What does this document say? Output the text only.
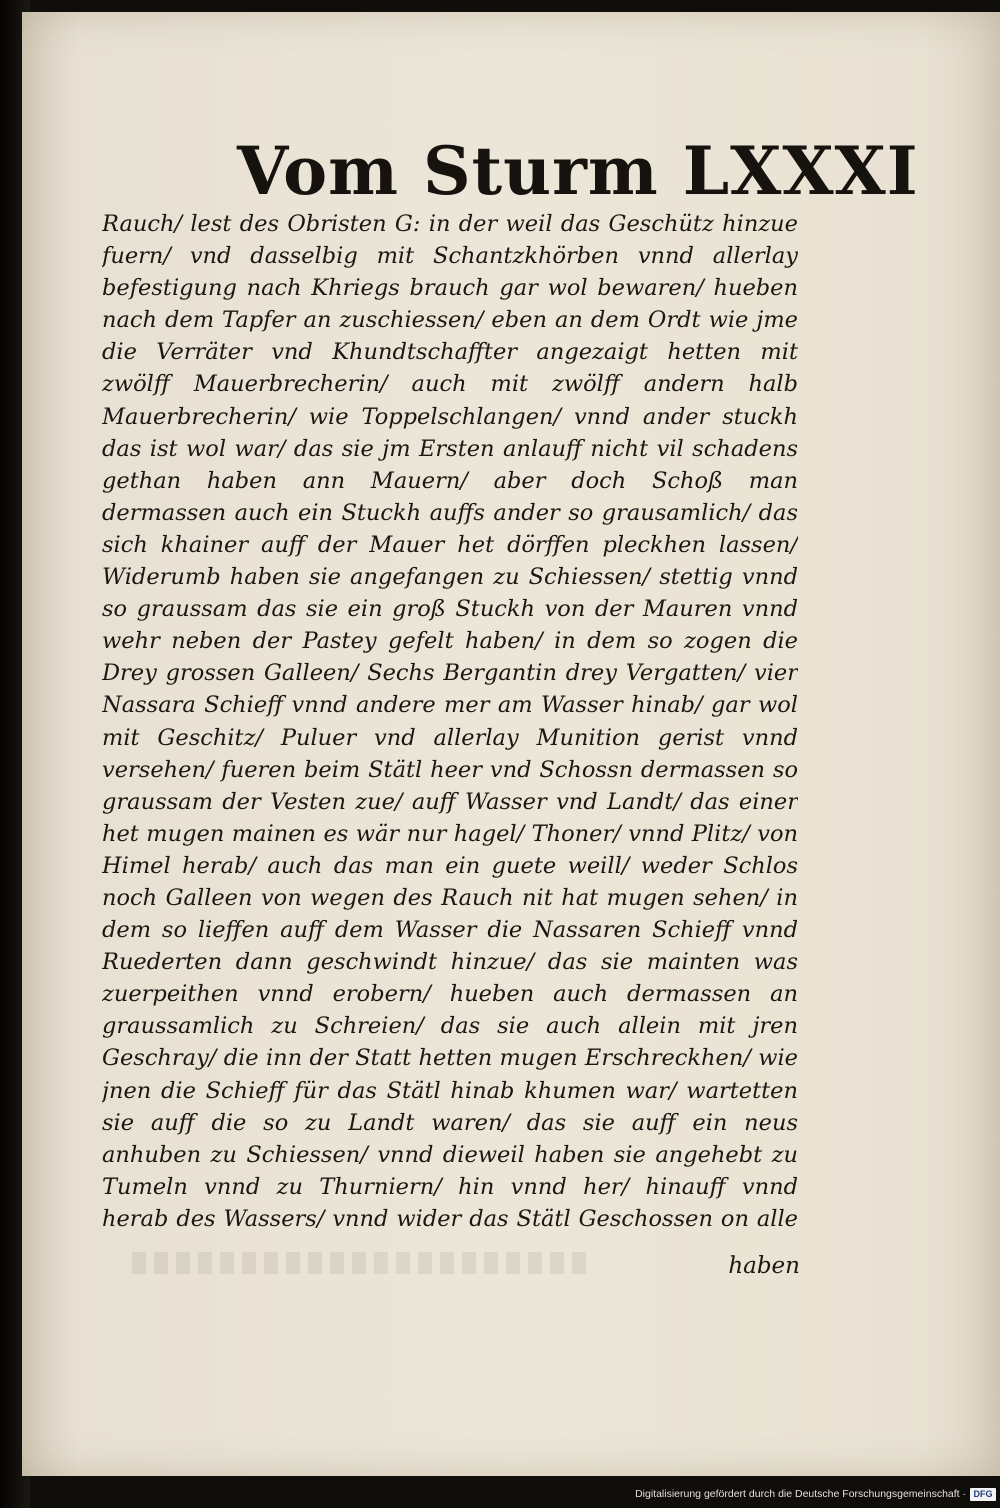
Vom Sturm LXXXI
Rauch/ lest des Obristen G: in der weil das Geschütz hinzue fuern/ vnd dasselbig mit Schantzkhörben vnnd allerlay befestigung nach Khriegs brauch gar wol bewaren/ hueben nach dem Tapfer an zuschiessen/ eben an dem Ordt wie jme die Verräter vnd Khundtschaffter angezaigt hetten mit zwölff Mauerbrecherin/ auch mit zwölff andern halb Mauerbrecherin/ wie Toppelschlangen/ vnnd ander stuckh das ist wol war/ das sie jm Ersten anlauff nicht vil schadens gethan haben ann Mauern/ aber doch Schoß man dermassen auch ein Stuckh auffs ander so grausamlich/ das sich khainer auff der Mauer het dörffen pleckhen lassen/ Widerumb haben sie angefangen zu Schiessen/ stettig vnnd so graussam das sie ein groß Stuckh von der Mauren vnnd wehr neben der Pastey gefelt haben/ in dem so zogen die Drey grossen Galleen/ Sechs Bergantin drey Vergatten/ vier Nassara Schieff vnnd andere mer am Wasser hinab/ gar wol mit Geschitz/ Puluer vnd allerlay Munition gerist vnnd versehen/ fueren beim Stätl heer vnd Schossn dermassen so graussam der Vesten zue/ auff Wasser vnd Landt/ das einer het mugen mainen es wär nur hagel/ Thoner/ vnnd Plitz/ von Himel herab/ auch das man ein guete weill/ weder Schlos noch Galleen von wegen des Rauch nit hat mugen sehen/ in dem so lieffen auff dem Wasser die Nassaren Schieff vnnd Ruederten dann geschwindt hinzue/ das sie mainten was zuerpeithen vnnd erobern/ hueben auch dermassen an graussamlich zu Schreien/ das sie auch allein mit jren Geschray/ die inn der Statt hetten mugen Erschreckhen/ wie jnen die Schieff für das Stätl hinab khumen war/ wartetten sie auff die so zu Landt waren/ das sie auff ein neus anhuben zu Schiessen/ vnnd dieweil haben sie angehebt zu Tumeln vnnd zu Thurniern/ hin vnnd her/ hinauff vnnd herab des Wassers/ vnnd wider das Stätl Geschossen on alle
haben
Digitalisierung gefördert durch die Deutsche Forschungsgemeinschaft · DFG
